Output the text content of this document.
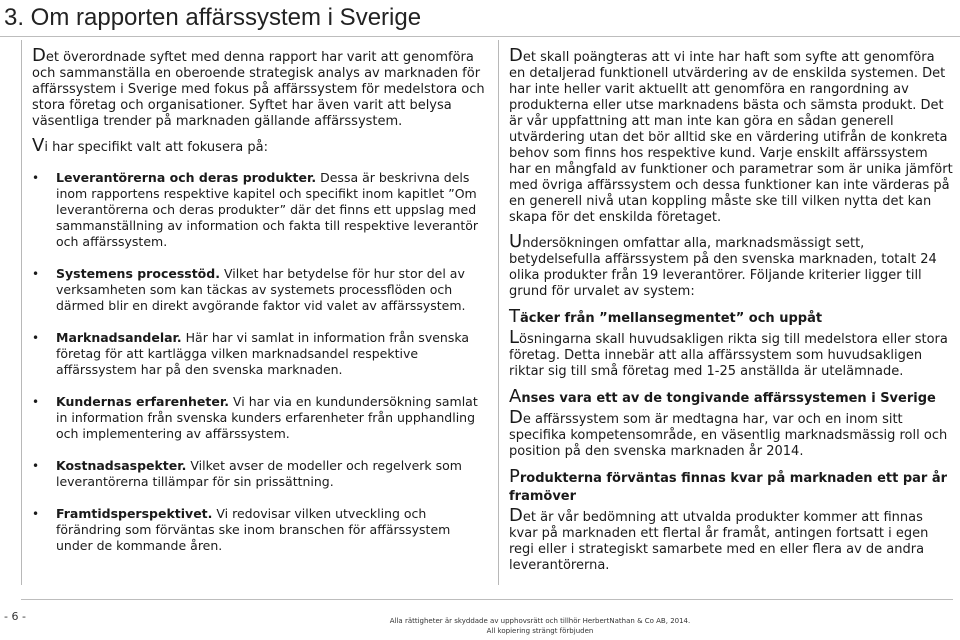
3. Om rapporten affärssystem i Sverige

Det överordnade syftet med denna rapport har varit att genomföra och sammanställa en oberoende strategisk analys av marknaden för affärssystem i Sverige med fokus på affärssystem för medelstora och stora företag och organisationer. Syftet har även varit att belysa väsentliga trender på marknaden gällande affärssystem.

Vi har specifikt valt att fokusera på:

• Leverantörerna och deras produkter. Dessa är beskrivna dels inom rapportens respektive kapitel och specifikt inom kapitlet ”Om leverantörerna och deras produkter” där det finns ett uppslag med sammanställning av information och fakta till respektive leverantör och affärssystem.
• Systemens processtöd. Vilket har betydelse för hur stor del av verksamheten som kan täckas av systemets processflöden och därmed blir en direkt avgörande faktor vid valet av affärssystem.
• Marknadsandelar. Här har vi samlat in information från svenska företag för att kartlägga vilken marknadsandel respektive affärssystem har på den svenska marknaden.
• Kundernas erfarenheter. Vi har via en kundundersökning samlat in information från svenska kunders erfarenheter från upphandling och implementering av affärssystem.
• Kostnadsaspekter. Vilket avser de modeller och regelverk som leverantörerna tillämpar för sin prissättning.
• Framtidsperspektivet. Vi redovisar vilken utveckling och förändring som förväntas ske inom branschen för affärssystem under de kommande åren.

Det skall poängteras att vi inte har haft som syfte att genomföra en detaljerad funktionell utvärdering av de enskilda systemen. Det har inte heller varit aktuellt att genomföra en rangordning av produkterna eller utse marknadens bästa och sämsta produkt. Det är vår uppfattning att man inte kan göra en sådan generell utvärdering utan det bör alltid ske en värdering utifrån de konkreta behov som finns hos respektive kund. Varje enskilt affärssystem har en mångfald av funktioner och parametrar som är unika jämfört med övriga affärssystem och dessa funktioner kan inte värderas på en generell nivå utan koppling måste ske till vilken nytta det kan skapa för det enskilda företaget.

Undersökningen omfattar alla, marknadsmässigt sett, betydelsefulla affärssystem på den svenska marknaden, totalt 24 olika produkter från 19 leverantörer. Följande kriterier ligger till grund för urvalet av system:

Täcker från ”mellansegmentet” och uppåt

Lösningarna skall huvudsakligen rikta sig till medelstora eller stora företag. Detta innebär att alla affärssystem som huvudsakligen riktar sig till små företag med 1-25 anställda är utelämnade.

Anses vara ett av de tongivande affärssystemen i Sverige

De affärssystem som är medtagna har, var och en inom sitt specifika kompetensområde, en väsentlig marknadsmässig roll och position på den svenska marknaden år 2014.

Produkterna förväntas finnas kvar på marknaden ett par år framöver

Det är vår bedömning att utvalda produkter kommer att finnas kvar på marknaden ett flertal år framåt, antingen fortsatt i egen regi eller i strategiskt samarbete med en eller flera av de andra leverantörerna.

- 6 -	Alla rättigheter är skyddade av upphovsrätt och tillhör HerbertNathan & Co AB, 2014.
All kopiering strängt förbjuden
